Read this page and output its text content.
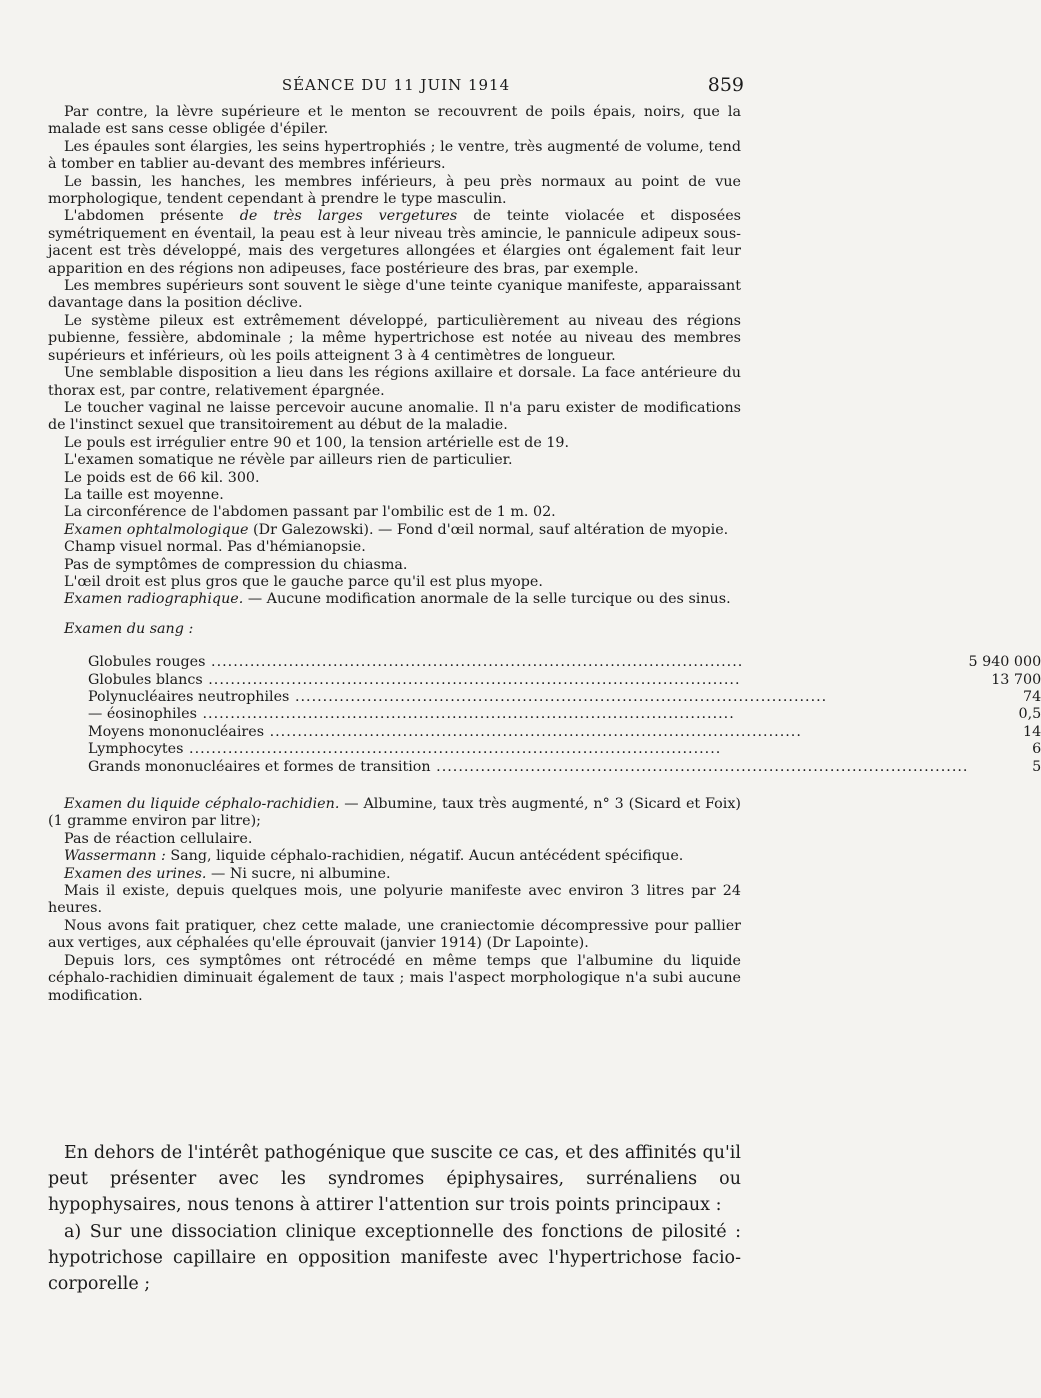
SÉANCE DU 11 JUIN 1914	859

Par contre, la lèvre supérieure et le menton se recouvrent de poils épais, noirs, que la malade est sans cesse obligée d'épiler.

Les épaules sont élargies, les seins hypertrophiés ; le ventre, très augmenté de volume, tend à tomber en tablier au-devant des membres inférieurs.

Le bassin, les hanches, les membres inférieurs, à peu près normaux au point de vue morphologique, tendent cependant à prendre le type masculin.

L'abdomen présente de très larges vergetures de teinte violacée et disposées symétriquement en éventail, la peau est à leur niveau très amincie, le pannicule adipeux sous-jacent est très développé, mais des vergetures allongées et élargies ont également fait leur apparition en des régions non adipeuses, face postérieure des bras, par exemple.

Les membres supérieurs sont souvent le siège d'une teinte cyanique manifeste, apparaissant davantage dans la position déclive.

Le système pileux est extrêmement développé, particulièrement au niveau des régions pubienne, fessière, abdominale ; la même hypertrichose est notée au niveau des membres supérieurs et inférieurs, où les poils atteignent 3 à 4 centimètres de longueur.

Une semblable disposition a lieu dans les régions axillaire et dorsale. La face antérieure du thorax est, par contre, relativement épargnée.

Le toucher vaginal ne laisse percevoir aucune anomalie. Il n'a paru exister de modifications de l'instinct sexuel que transitoirement au début de la maladie.

Le pouls est irrégulier entre 90 et 100, la tension artérielle est de 19.

L'examen somatique ne révèle par ailleurs rien de particulier.

Le poids est de 66 kil. 300.

La taille est moyenne.

La circonférence de l'abdomen passant par l'ombilic est de 1 m. 02.

Examen ophtalmologique (Dr Galezowski). — Fond d'œil normal, sauf altération de myopie.

Champ visuel normal. Pas d'hémianopsie.

Pas de symptômes de compression du chiasma.

L'œil droit est plus gros que le gauche parce qu'il est plus myope.

Examen radiographique. — Aucune modification anormale de la selle turcique ou des sinus.

Examen du sang :
Globules rouges .....	5 940 000
Globules blancs .....	13 700
Polynucléaires neutrophiles .....	74
— éosinophiles .....	0,5
Moyens mononucléaires .....	14
Lymphocytes .....	6
Grands mononucléaires et formes de transition .....	5

Examen du liquide céphalo-rachidien. — Albumine, taux très augmenté, n° 3 (Sicard et Foix) (1 gramme environ par litre);

Pas de réaction cellulaire.

Wassermann : Sang, liquide céphalo-rachidien, négatif. Aucun antécédent spécifique.

Examen des urines. — Ni sucre, ni albumine.

Mais il existe, depuis quelques mois, une polyurie manifeste avec environ 3 litres par 24 heures.

Nous avons fait pratiquer, chez cette malade, une craniectomie décompressive pour pallier aux vertiges, aux céphalées qu'elle éprouvait (janvier 1914) (Dr Lapointe).

Depuis lors, ces symptômes ont rétrocédé en même temps que l'albumine du liquide céphalo-rachidien diminuait également de taux ; mais l'aspect morphologique n'a subi aucune modification.

En dehors de l'intérêt pathogénique que suscite ce cas, et des affinités qu'il peut présenter avec les syndromes épiphysaires, surrénaliens ou hypophysaires, nous tenons à attirer l'attention sur trois points principaux :

a) Sur une dissociation clinique exceptionnelle des fonctions de pilosité : hypotrichose capillaire en opposition manifeste avec l'hypertrichose facio-corporelle ;
